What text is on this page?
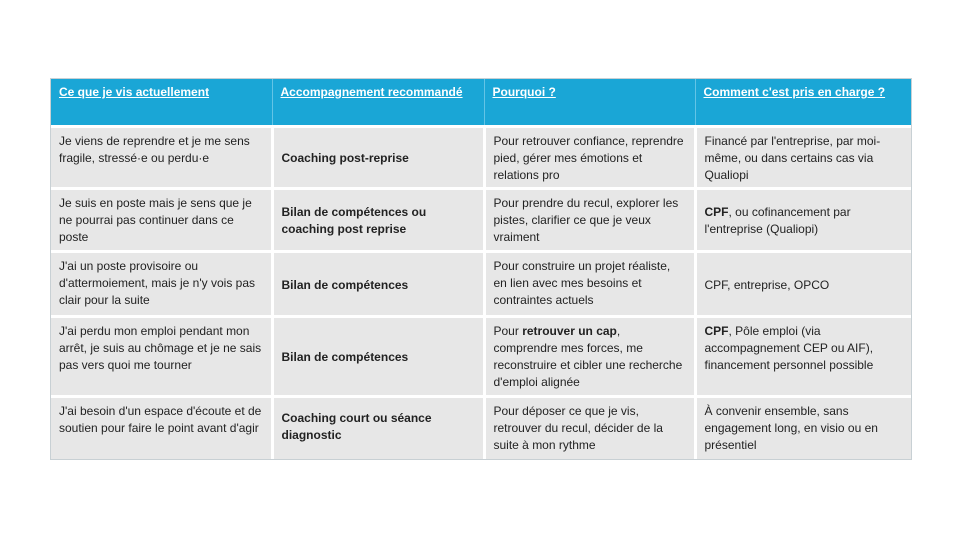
Ce que je vis actuellement	Accompagnement recommandé	Pourquoi ?	Comment c'est pris en charge ?
Je viens de reprendre et je me sens fragile, stressé·e ou perdu·e	Coaching post-reprise	Pour retrouver confiance, reprendre pied, gérer mes émotions et relations pro	Financé par l'entreprise, par moi-même, ou dans certains cas via Qualiopi
Je suis en poste mais je sens que je ne pourrai pas continuer dans ce poste	Bilan de compétences ou coaching post reprise	Pour prendre du recul, explorer les pistes, clarifier ce que je veux vraiment	CPF, ou cofinancement par l'entreprise (Qualiopi)
J'ai un poste provisoire ou d'attermoiement, mais je n'y vois pas clair pour la suite	Bilan de compétences	Pour construire un projet réaliste, en lien avec mes besoins et contraintes actuels	CPF, entreprise, OPCO
J'ai perdu mon emploi pendant mon arrêt, je suis au chômage et je ne sais pas vers quoi me tourner	Bilan de compétences	Pour retrouver un cap, comprendre mes forces, me reconstruire et cibler une recherche d'emploi alignée	CPF, Pôle emploi (via accompagnement CEP ou AIF), financement personnel possible
J'ai besoin d'un espace d'écoute et de soutien pour faire le point avant d'agir	Coaching court ou séance diagnostic	Pour déposer ce que je vis, retrouver du recul, décider de la suite à mon rythme	À convenir ensemble, sans engagement long, en visio ou en présentiel
